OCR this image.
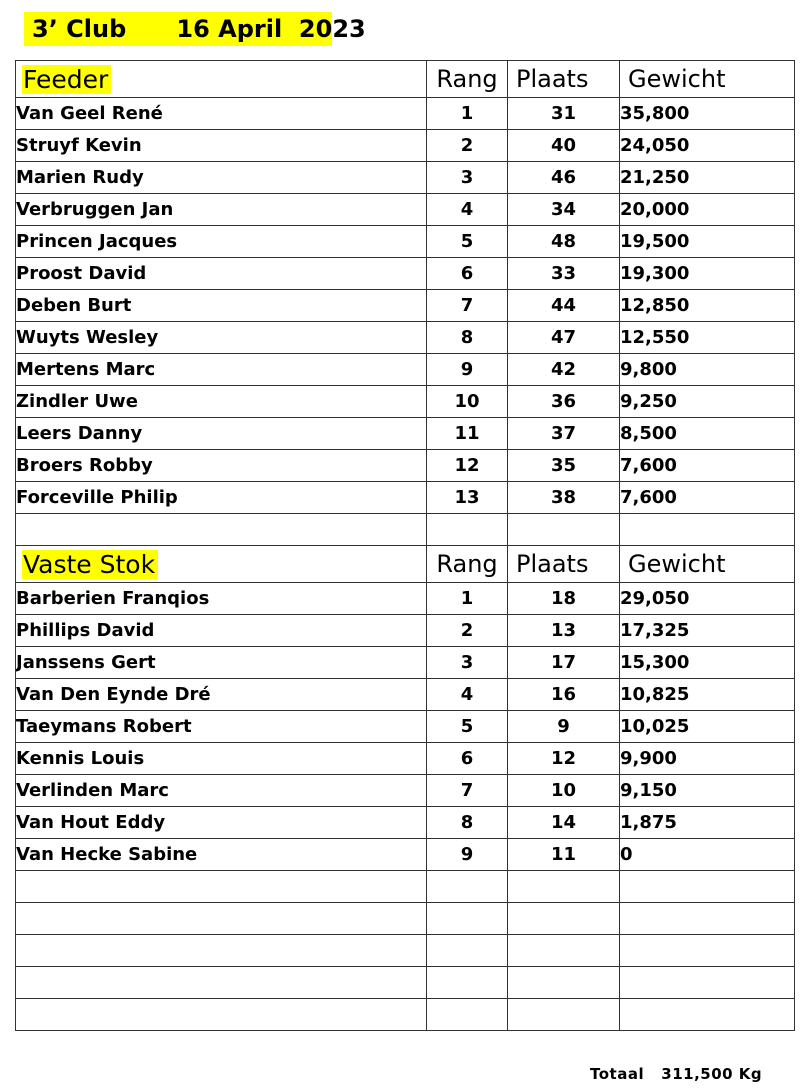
3’ Club      16 April  2023
Feeder	Rang	Plaats	Gewicht
Van Geel René	1	31	35,800
Struyf Kevin	2	40	24,050
Marien Rudy	3	46	21,250
Verbruggen Jan	4	34	20,000
Princen Jacques	5	48	19,500
Proost David	6	33	19,300
Deben Burt	7	44	12,850
Wuyts Wesley	8	47	12,550
Mertens Marc	9	42	9,800
Zindler Uwe	10	36	9,250
Leers Danny	11	37	8,500
Broers Robby	12	35	7,600
Forceville Philip	13	38	7,600

Vaste Stok	Rang	Plaats	Gewicht
Barberien Franqios	1	18	29,050
Phillips David	2	13	17,325
Janssens Gert	3	17	15,300
Van Den Eynde Dré	4	16	10,825
Taeymans Robert	5	9	10,025
Kennis Louis	6	12	9,900
Verlinden Marc	7	10	9,150
Van Hout Eddy	8	14	1,875
Van Hecke Sabine	9	11	0

Totaal   311,500 Kg
